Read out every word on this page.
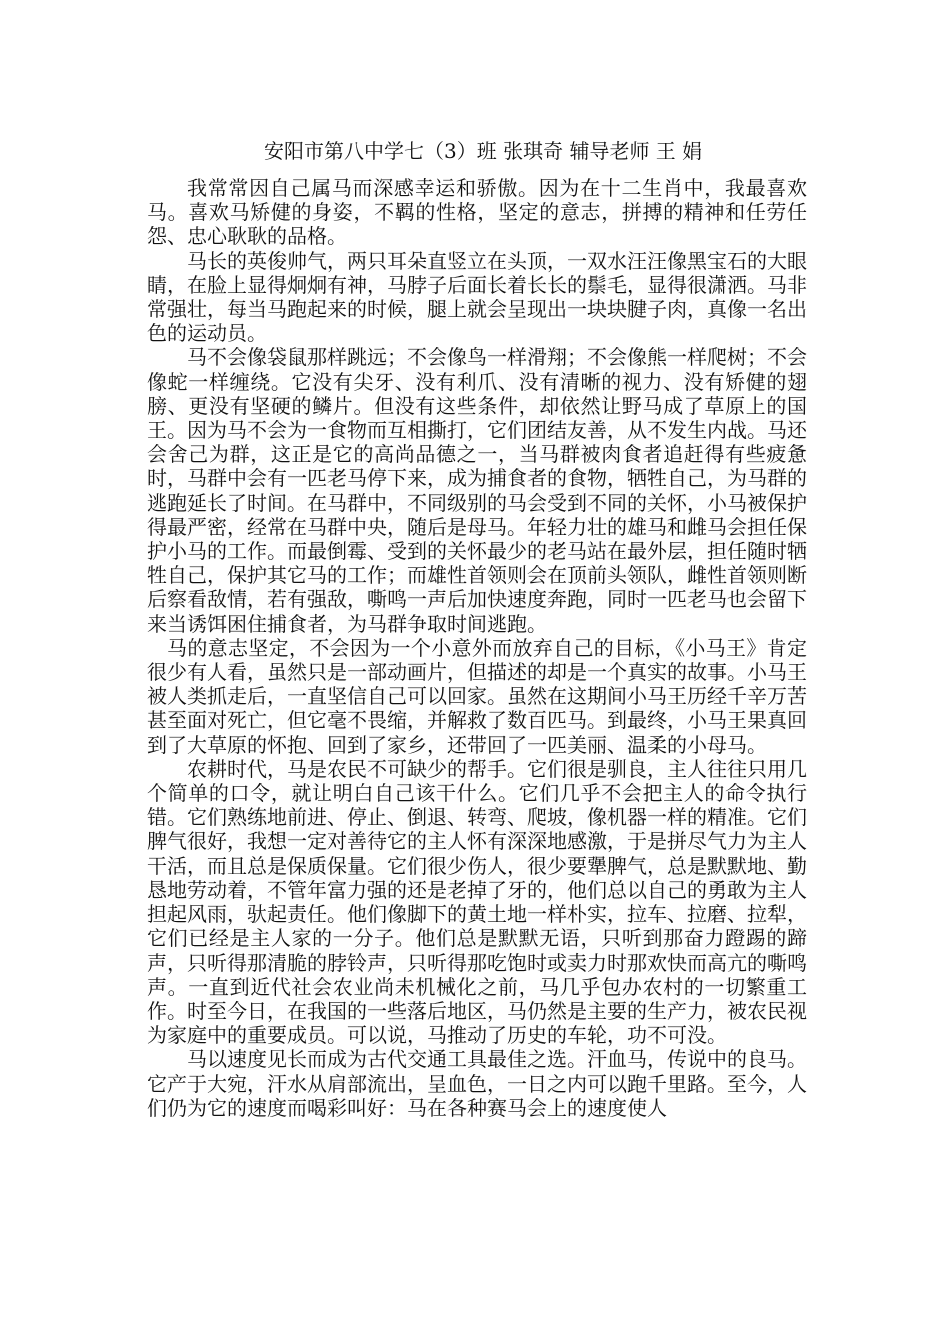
安阳市第八中学七（3）班 张琪奇 辅导老师 王 娟

我常常因自己属马而深感幸运和骄傲。因为在十二生肖中，我最喜欢马。喜欢马矫健的身姿，不羁的性格，坚定的意志，拼搏的精神和任劳任怨、忠心耿耿的品格。

马长的英俊帅气，两只耳朵直竖立在头顶，一双水汪汪像黑宝石的大眼睛，在脸上显得炯炯有神，马脖子后面长着长长的鬃毛，显得很潇洒。马非常强壮，每当马跑起来的时候，腿上就会呈现出一块块腱子肉，真像一名出色的运动员。

马不会像袋鼠那样跳远；不会像鸟一样滑翔；不会像熊一样爬树；不会像蛇一样缠绕。它没有尖牙、没有利爪、没有清晰的视力、没有矫健的翅膀、更没有坚硬的鳞片。但没有这些条件，却依然让野马成了草原上的国王。因为马不会为一食物而互相撕打，它们团结友善，从不发生内战。马还会舍己为群，这正是它的高尚品德之一，当马群被肉食者追赶得有些疲惫时，马群中会有一匹老马停下来，成为捕食者的食物，牺牲自己，为马群的逃跑延长了时间。在马群中，不同级别的马会受到不同的关怀，小马被保护得最严密，经常在马群中央，随后是母马。年轻力壮的雄马和雌马会担任保护小马的工作。而最倒霉、受到的关怀最少的老马站在最外层，担任随时牺牲自己，保护其它马的工作；而雄性首领则会在顶前头领队，雌性首领则断后察看敌情，若有强敌，嘶鸣一声后加快速度奔跑，同时一匹老马也会留下来当诱饵困住捕食者，为马群争取时间逃跑。

马的意志坚定，不会因为一个小意外而放弃自己的目标，《小马王》肯定很少有人看，虽然只是一部动画片，但描述的却是一个真实的故事。小马王被人类抓走后，一直坚信自己可以回家。虽然在这期间小马王历经千辛万苦甚至面对死亡，但它毫不畏缩，并解救了数百匹马。到最终，小马王果真回到了大草原的怀抱、回到了家乡，还带回了一匹美丽、温柔的小母马。

农耕时代，马是农民不可缺少的帮手。它们很是驯良，主人往往只用几个简单的口令，就让明白自己该干什么。它们几乎不会把主人的命令执行错。它们熟练地前进、停止、倒退、转弯、爬坡，像机器一样的精准。它们脾气很好，我想一定对善待它的主人怀有深深地感激，于是拼尽气力为主人干活，而且总是保质保量。它们很少伤人，很少要犟脾气，总是默默地、勤恳地劳动着，不管年富力强的还是老掉了牙的，他们总以自己的勇敢为主人担起风雨，驮起责任。他们像脚下的黄土地一样朴实，拉车、拉磨、拉犁，它们已经是主人家的一分子。他们总是默默无语，只听到那奋力蹬踢的蹄声，只听得那清脆的脖铃声，只听得那吃饱时或卖力时那欢快而高亢的嘶鸣声。一直到近代社会农业尚未机械化之前，马几乎包办农村的一切繁重工作。时至今日，在我国的一些落后地区，马仍然是主要的生产力，被农民视为家庭中的重要成员。可以说，马推动了历史的车轮，功不可没。

马以速度见长而成为古代交通工具最佳之选。汗血马，传说中的良马。它产于大宛，汗水从肩部流出，呈血色，一日之内可以跑千里路。至今，人们仍为它的速度而喝彩叫好：马在各种赛马会上的速度使人
